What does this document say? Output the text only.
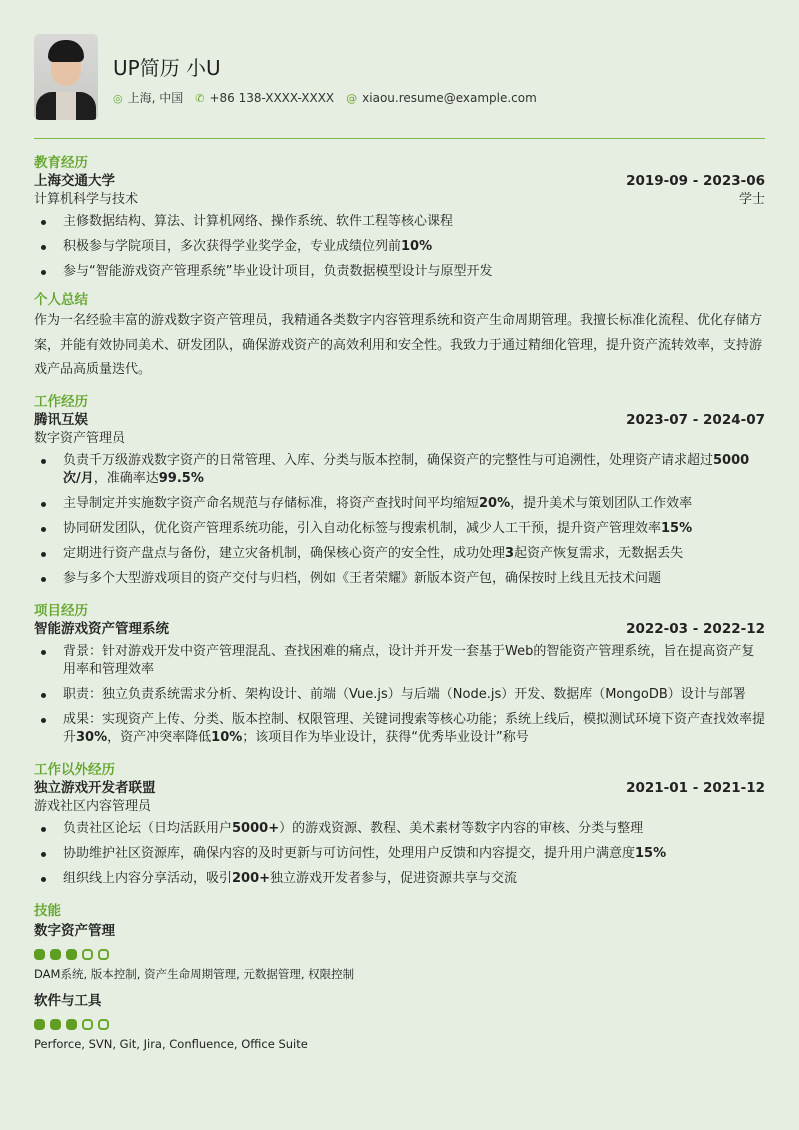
UP简历 小U
◎ 上海, 中国 ✆ +86 138-XXXX-XXXX @ xiaou.resume@example.com
教育经历
上海交通大学	2019-09 - 2023-06
计算机科学与技术	学士
主修数据结构、算法、计算机网络、操作系统、软件工程等核心课程
积极参与学院项目，多次获得学业奖学金，专业成绩位列前10%
参与“智能游戏资产管理系统”毕业设计项目，负责数据模型设计与原型开发
个人总结
作为一名经验丰富的游戏数字资产管理员，我精通各类数字内容管理系统和资产生命周期管理。我擅长标准化流程、优化存储方案，并能有效协同美术、研发团队，确保游戏资产的高效利用和安全性。我致力于通过精细化管理，提升资产流转效率，支持游戏产品高质量迭代。
工作经历
腾讯互娱	2023-07 - 2024-07
数字资产管理员
负责千万级游戏数字资产的日常管理、入库、分类与版本控制，确保资产的完整性与可追溯性，处理资产请求超过5000次/月，准确率达99.5%
主导制定并实施数字资产命名规范与存储标准，将资产查找时间平均缩短20%，提升美术与策划团队工作效率
协同研发团队，优化资产管理系统功能，引入自动化标签与搜索机制，减少人工干预，提升资产管理效率15%
定期进行资产盘点与备份，建立灾备机制，确保核心资产的安全性，成功处理3起资产恢复需求，无数据丢失
参与多个大型游戏项目的资产交付与归档，例如《王者荣耀》新版本资产包，确保按时上线且无技术问题
项目经历
智能游戏资产管理系统	2022-03 - 2022-12
背景：针对游戏开发中资产管理混乱、查找困难的痛点，设计并开发一套基于Web的智能资产管理系统，旨在提高资产复用率和管理效率
职责：独立负责系统需求分析、架构设计、前端（Vue.js）与后端（Node.js）开发、数据库（MongoDB）设计与部署
成果：实现资产上传、分类、版本控制、权限管理、关键词搜索等核心功能；系统上线后，模拟测试环境下资产查找效率提升30%，资产冲突率降低10%；该项目作为毕业设计，获得“优秀毕业设计”称号
工作以外经历
独立游戏开发者联盟	2021-01 - 2021-12
游戏社区内容管理员
负责社区论坛（日均活跃用户5000+）的游戏资源、教程、美术素材等数字内容的审核、分类与整理
协助维护社区资源库，确保内容的及时更新与可访问性，处理用户反馈和内容提交，提升用户满意度15%
组织线上内容分享活动，吸引200+独立游戏开发者参与，促进资源共享与交流
技能
数字资产管理
DAM系统, 版本控制, 资产生命周期管理, 元数据管理, 权限控制
软件与工具
Perforce, SVN, Git, Jira, Confluence, Office Suite
